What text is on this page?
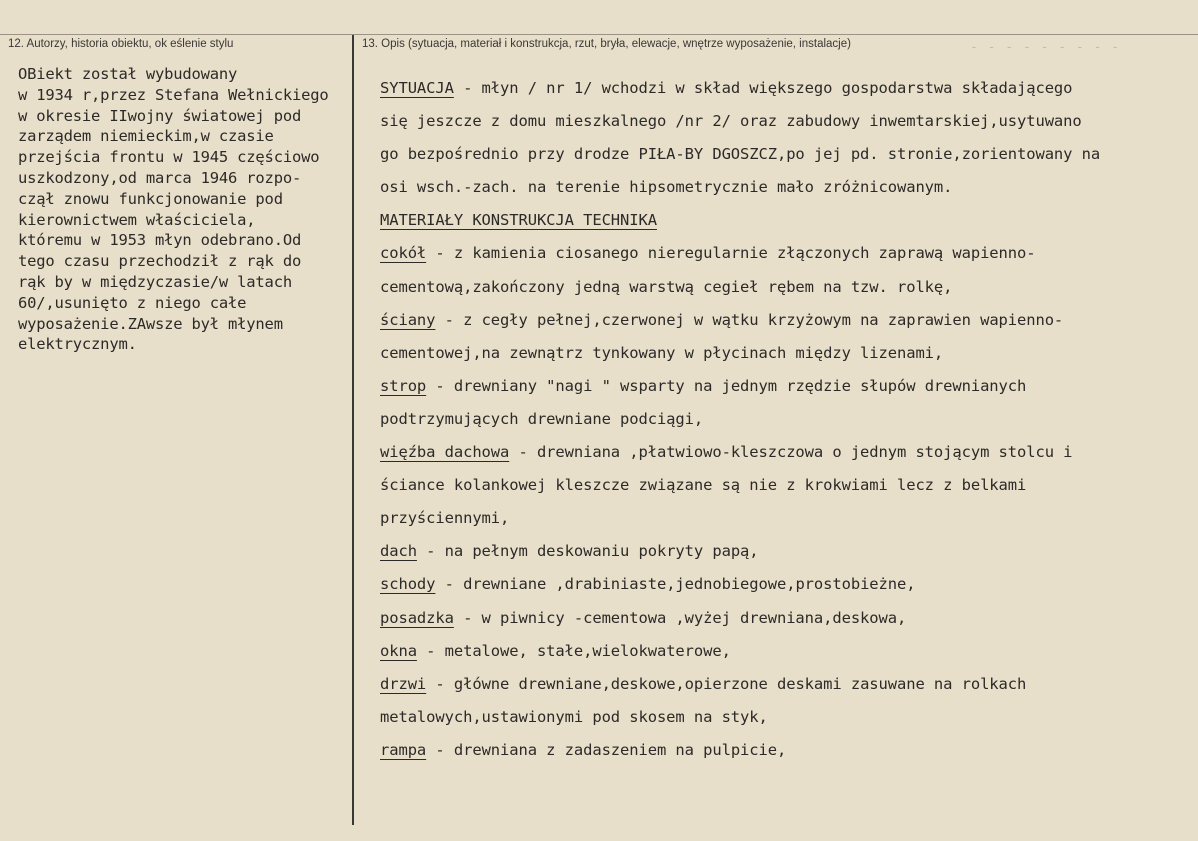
- - - - - - - - -
12. Autorzy, historia obiektu, ok eślenie stylu	13. Opis (sytuacja, materiał i konstrukcja, rzut, bryła, elewacje, wnętrze wyposażenie, instalacje)
OBiekt został wybudowany
w 1934 r,przez Stefana Wełnickiego
w okresie IIwojny światowej pod
zarządem niemieckim,w czasie
przejścia frontu w 1945 częściowo
uszkodzony,od marca 1946 rozpo-
czął znowu funkcjonowanie pod
kierownictwem właściciela,
któremu w 1953 młyn odebrano.Od
tego czasu przechodził z rąk do
rąk by w międzyczasie/w latach
60/,usunięto z niego całe
wyposażenie.ZAwsze był młynem
elektrycznym.
SYTUACJA - młyn / nr 1/ wchodzi w skład większego gospodarstwa składającego
się jeszcze z domu mieszkalnego /nr 2/ oraz zabudowy inwemtarskiej,usytuwano
go bezpośrednio przy drodze PIŁA-BY DGOSZCZ,po jej pd. stronie,zorientowany na
osi wsch.-zach. na terenie hipsometrycznie mało zróżnicowanym.
MATERIAŁY KONSTRUKCJA TECHNIKA
cokół - z kamienia ciosanego nieregularnie złączonych zaprawą wapienno-
cementową,zakończony jedną warstwą cegieł rębem na tzw. rolkę,
ściany - z cegły pełnej,czerwonej w wątku krzyżowym na zaprawien wapienno-
cementowej,na zewnątrz tynkowany w płycinach między lizenami,
strop - drewniany "nagi " wsparty na jednym rzędzie słupów drewnianych
podtrzymujących drewniane podciągi,
więźba dachowa - drewniana ,płatwiowo-kleszczowa o jednym stojącym stolcu i
ściance kolankowej kleszcze związane są nie z krokwiami lecz z belkami
przyściennymi,
dach - na pełnym deskowaniu pokryty papą,
schody - drewniane ,drabiniaste,jednobiegowe,prostobieżne,
posadzka - w piwnicy -cementowa ,wyżej drewniana,deskowa,
okna - metalowe, stałe,wielokwaterowe,
drzwi - główne drewniane,deskowe,opierzone deskami zasuwane na rolkach
metalowych,ustawionymi pod skosem na styk,
rampa - drewniana z zadaszeniem na pulpicie,
